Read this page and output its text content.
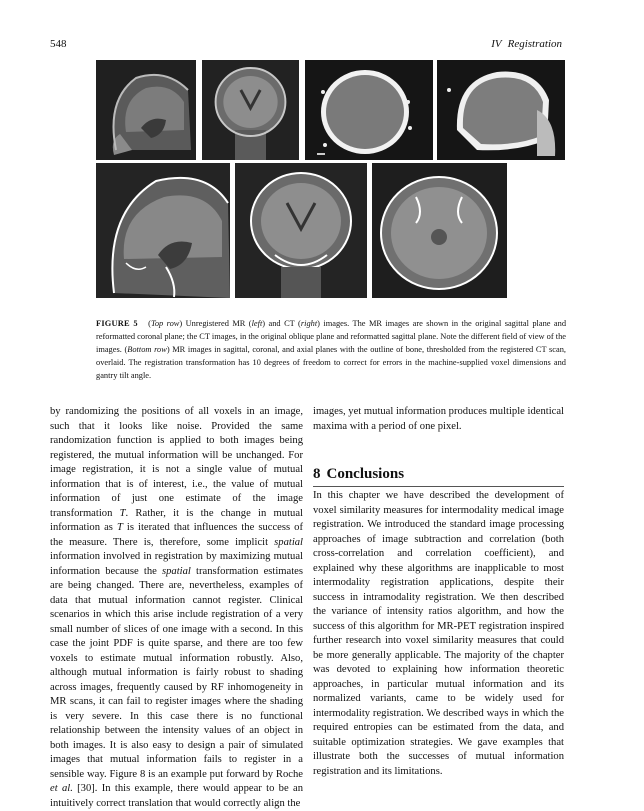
548	IV Registration
FIGURE 5 (Top row) Unregistered MR (left) and CT (right) images. The MR images are shown in the original sagittal plane and reformatted coronal plane; the CT images, in the original oblique plane and reformatted sagittal plane. Note the different field of view of the images. (Bottom row) MR images in sagittal, coronal, and axial planes with the outline of bone, thresholded from the registered CT scan, overlaid. The registration transformation has 10 degrees of freedom to correct for errors in the machine-supplied voxel dimensions and gantry tilt angle.

by randomizing the positions of all voxels in an image, such that it looks like noise. Provided the same randomization function is applied to both images being registered, the mutual information will be unchanged. For image registration, it is not a single value of mutual information that is of interest, i.e., the value of mutual information of just one estimate of the image transformation T. Rather, it is the change in mutual information as T is iterated that influences the success of the measure. There is, therefore, some implicit spatial information involved in registration by maximizing mutual information because the spatial transformation estimates are being changed. There are, nevertheless, examples of data that mutual information cannot register. Clinical scenarios in which this arise include registration of a very small number of slices of one image with a second. In this case the joint PDF is quite sparse, and there are too few voxels to estimate mutual information robustly. Also, although mutual information is fairly robust to shading across images, frequently caused by RF inhomogeneity in MR scans, it can fail to register images where the shading is very severe. In this case there is no functional relationship between the intensity values of an object in both images. It is also easy to design a pair of simulated images that mutual information fails to register in a sensible way. Figure 8 is an example put forward by Roche et al. [30]. In this example, there would appear to be an intuitively correct translation that would correctly align the

images, yet mutual information produces multiple identical maxima with a period of one pixel.
8 Conclusions
In this chapter we have described the development of voxel similarity measures for intermodality medical image registration. We introduced the standard image processing approaches of image subtraction and correlation (both cross-correlation and correlation coefficient), and explained why these algorithms are inapplicable to most intermodality registration applications, despite their success in intramodality registration. We then described the variance of intensity ratios algorithm, and how the success of this algorithm for MR-PET registration inspired further research into voxel similarity measures that could be more generally applicable. The majority of the chapter was devoted to explaining how information theoretic approaches, in particular mutual information and its normalized variants, came to be widely used for intermodality registration. We described ways in which the required entropies can be estimated from the data, and suitable optimization strategies. We gave examples that illustrate both the successes of mutual information registration and its limitations.
